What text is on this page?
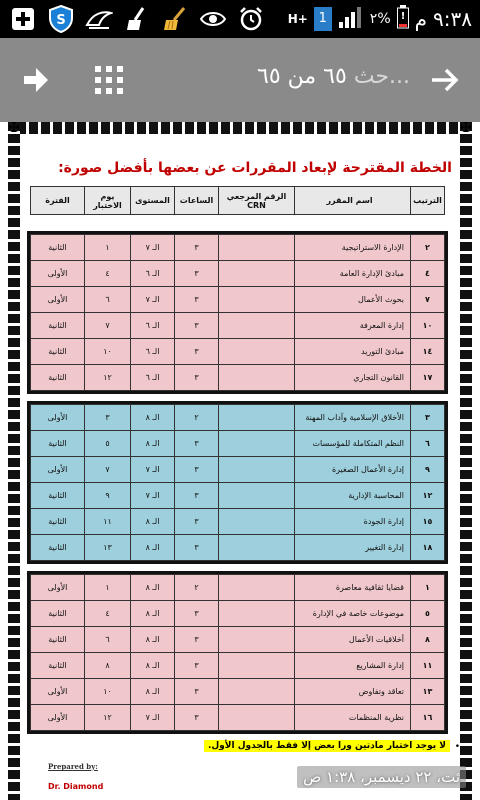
S	H+ 1	٢% ! م ٩:٣٨
...حث ٦٥ من ٦٥
✠	✠
الخطة المقترحة لإبعاد المقررات عن بعضها بأفضل صورة:
الترتيب	اسم المقرر	الرقم المرجعي CRN	الساعات	المستوى	يوم الاختبار	الفترة
٢	الإدارة الاستراتيجية		٣	الـ ٧	١	الثانية
٤	مبادئ الإدارة العامة		٣	الـ ٦	٤	الأولى
٧	بحوث الأعمال		٣	الـ ٧	٦	الأولى
١٠	إدارة المعرفة		٣	الـ ٦	٧	الثانية
١٤	مبادئ التوريد		٣	الـ ٦	١٠	الثانية
١٧	القانون التجاري		٣	الـ ٦	١٢	الثانية
٣	الأخلاق الإسلامية وآداب المهنة		٢	الـ ٨	٣	الأولى
٦	النظم المتكاملة للمؤسسات		٣	الـ ٨	٥	الثانية
٩	إدارة الأعمال الصغيرة		٣	الـ ٧	٧	الأولى
١٢	المحاسبة الإدارية		٣	الـ ٧	٩	الثانية
١٥	إدارة الجودة		٣	الـ ٨	١١	الثانية
١٨	إدارة التغيير		٣	الـ ٨	١٣	الثانية
١	قضايا ثقافية معاصرة		٢	الـ ٨	١	الأولى
٥	موضوعات خاصة في الإدارة		٣	الـ ٨	٤	الثانية
٨	أخلاقيات الأعمال		٣	الـ ٨	٦	الثانية
١١	إدارة المشاريع		٣	الـ ٨	٨	الثانية
١٣	تعاقد وتفاوض		٣	الـ ٨	١٠	الأولى
١٦	نظرية المنظمات		٣	الـ ٧	١٢	الأولى
•
لا يوجد اختبار مادتين ورا بعض إلا فقط بالجدول الأول.
Prepared by:
Dr. Diamond
ثت، ٢٢ ديسمبر، ١:٣٨ ص
